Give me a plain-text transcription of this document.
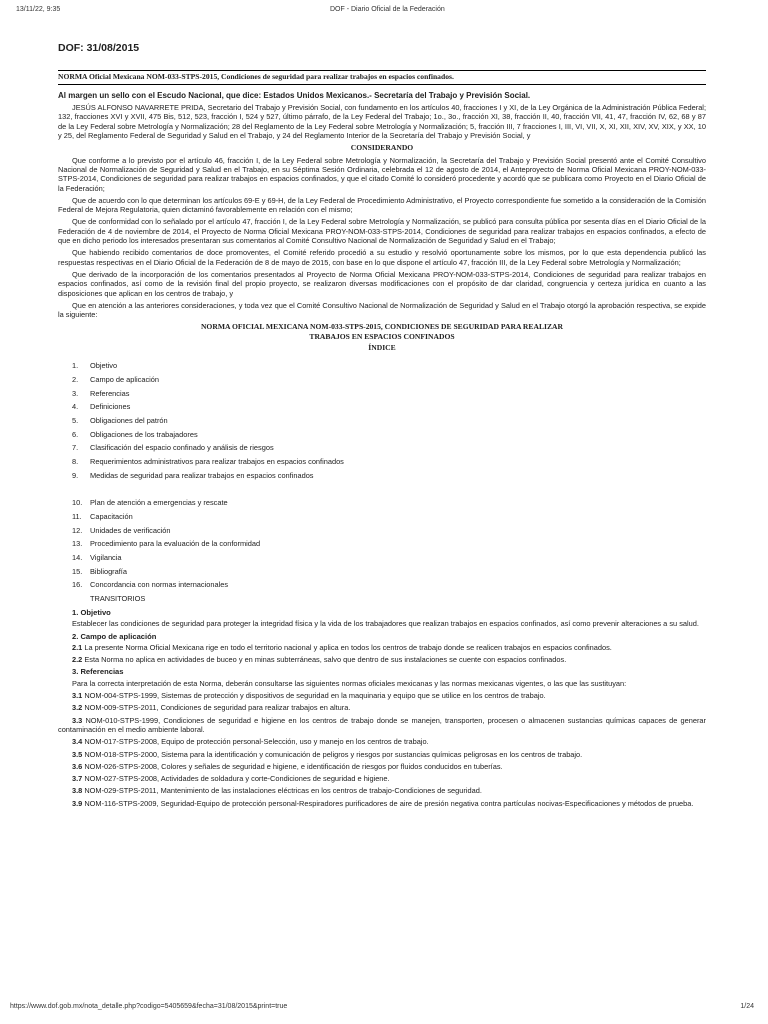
13/11/22, 9:35	DOF - Diario Oficial de la Federación
DOF: 31/08/2015
NORMA Oficial Mexicana NOM-033-STPS-2015, Condiciones de seguridad para realizar trabajos en espacios confinados.
Al margen un sello con el Escudo Nacional, que dice: Estados Unidos Mexicanos.- Secretaría del Trabajo y Previsión Social.

JESÚS ALFONSO NAVARRETE PRIDA, Secretario del Trabajo y Previsión Social, con fundamento en los artículos 40, fracciones I y XI, de la Ley Orgánica de la Administración Pública Federal; 132, fracciones XVI y XVII, 475 Bis, 512, 523, fracción I, 524 y 527, último párrafo, de la Ley Federal del Trabajo; 1o., 3o., fracción XI, 38, fracción II, 40, fracción VII, 41, 47, fracción IV, 62, 68 y 87 de la Ley Federal sobre Metrología y Normalización; 28 del Reglamento de la Ley Federal sobre Metrología y Normalización; 5, fracción III, 7 fracciones I, III, VI, VII, X, XI, XII, XIV, XV, XIX, y XX, 10 y 25, del Reglamento Federal de Seguridad y Salud en el Trabajo, y 24 del Reglamento Interior de la Secretaría del Trabajo y Previsión Social, y

CONSIDERANDO

Que conforme a lo previsto por el artículo 46, fracción I, de la Ley Federal sobre Metrología y Normalización, la Secretaría del Trabajo y Previsión Social presentó ante el Comité Consultivo Nacional de Normalización de Seguridad y Salud en el Trabajo, en su Séptima Sesión Ordinaria, celebrada el 12 de agosto de 2014, el Anteproyecto de Norma Oficial Mexicana PROY-NOM-033-STPS-2014, Condiciones de seguridad para realizar trabajos en espacios confinados, y que el citado Comité lo consideró procedente y acordó que se publicara como Proyecto en el Diario Oficial de la Federación;

Que de acuerdo con lo que determinan los artículos 69-E y 69-H, de la Ley Federal de Procedimiento Administrativo, el Proyecto correspondiente fue sometido a la consideración de la Comisión Federal de Mejora Regulatoria, quien dictaminó favorablemente en relación con el mismo;

Que de conformidad con lo señalado por el artículo 47, fracción I, de la Ley Federal sobre Metrología y Normalización, se publicó para consulta pública por sesenta días en el Diario Oficial de la Federación de 4 de noviembre de 2014, el Proyecto de Norma Oficial Mexicana PROY-NOM-033-STPS-2014, Condiciones de seguridad para realizar trabajos en espacios confinados, a efecto de que en dicho periodo los interesados presentaran sus comentarios al Comité Consultivo Nacional de Normalización de Seguridad y Salud en el Trabajo;

Que habiendo recibido comentarios de doce promoventes, el Comité referido procedió a su estudio y resolvió oportunamente sobre los mismos, por lo que esta dependencia publicó las respuestas respectivas en el Diario Oficial de la Federación de 8 de mayo de 2015, con base en lo que dispone el artículo 47, fracción III, de la Ley Federal sobre Metrología y Normalización;

Que derivado de la incorporación de los comentarios presentados al Proyecto de Norma Oficial Mexicana PROY-NOM-033-STPS-2014, Condiciones de seguridad para realizar trabajos en espacios confinados, así como de la revisión final del propio proyecto, se realizaron diversas modificaciones con el propósito de dar claridad, congruencia y certeza jurídica en cuanto a las disposiciones que aplican en los centros de trabajo, y

Que en atención a las anteriores consideraciones, y toda vez que el Comité Consultivo Nacional de Normalización de Seguridad y Salud en el Trabajo otorgó la aprobación respectiva, se expide la siguiente:

NORMA OFICIAL MEXICANA NOM-033-STPS-2015, CONDICIONES DE SEGURIDAD PARA REALIZAR
TRABAJOS EN ESPACIOS CONFINADOS
ÍNDICE
1.	Objetivo
2.	Campo de aplicación
3.	Referencias
4.	Definiciones
5.	Obligaciones del patrón
6.	Obligaciones de los trabajadores
7.	Clasificación del espacio confinado y análisis de riesgos
8.	Requerimientos administrativos para realizar trabajos en espacios confinados
9.	Medidas de seguridad para realizar trabajos en espacios confinados
10.	Plan de atención a emergencias y rescate
11.	Capacitación
12.	Unidades de verificación
13.	Procedimiento para la evaluación de la conformidad
14.	Vigilancia
15.	Bibliografía
16.	Concordancia con normas internacionales
TRANSITORIOS
1. Objetivo

Establecer las condiciones de seguridad para proteger la integridad física y la vida de los trabajadores que realizan trabajos en espacios confinados, así como prevenir alteraciones a su salud.

2. Campo de aplicación

2.1 La presente Norma Oficial Mexicana rige en todo el territorio nacional y aplica en todos los centros de trabajo donde se realicen trabajos en espacios confinados.

2.2 Esta Norma no aplica en actividades de buceo y en minas subterráneas, salvo que dentro de sus instalaciones se cuente con espacios confinados.

3. Referencias

Para la correcta interpretación de esta Norma, deberán consultarse las siguientes normas oficiales mexicanas y las normas mexicanas vigentes, o las que las sustituyan:

3.1 NOM-004-STPS-1999, Sistemas de protección y dispositivos de seguridad en la maquinaria y equipo que se utilice en los centros de trabajo.

3.2 NOM-009-STPS-2011, Condiciones de seguridad para realizar trabajos en altura.

3.3 NOM-010-STPS-1999, Condiciones de seguridad e higiene en los centros de trabajo donde se manejen, transporten, procesen o almacenen sustancias químicas capaces de generar contaminación en el medio ambiente laboral.

3.4 NOM-017-STPS-2008, Equipo de protección personal-Selección, uso y manejo en los centros de trabajo.

3.5 NOM-018-STPS-2000, Sistema para la identificación y comunicación de peligros y riesgos por sustancias químicas peligrosas en los centros de trabajo.

3.6 NOM-026-STPS-2008, Colores y señales de seguridad e higiene, e identificación de riesgos por fluidos conducidos en tuberías.

3.7 NOM-027-STPS-2008, Actividades de soldadura y corte-Condiciones de seguridad e higiene.

3.8 NOM-029-STPS-2011, Mantenimiento de las instalaciones eléctricas en los centros de trabajo-Condiciones de seguridad.

3.9 NOM-116-STPS-2009, Seguridad-Equipo de protección personal-Respiradores purificadores de aire de presión negativa contra partículas nocivas-Especificaciones y métodos de prueba.

https://www.dof.gob.mx/nota_detalle.php?codigo=5405659&fecha=31/08/2015&print=true	1/24
